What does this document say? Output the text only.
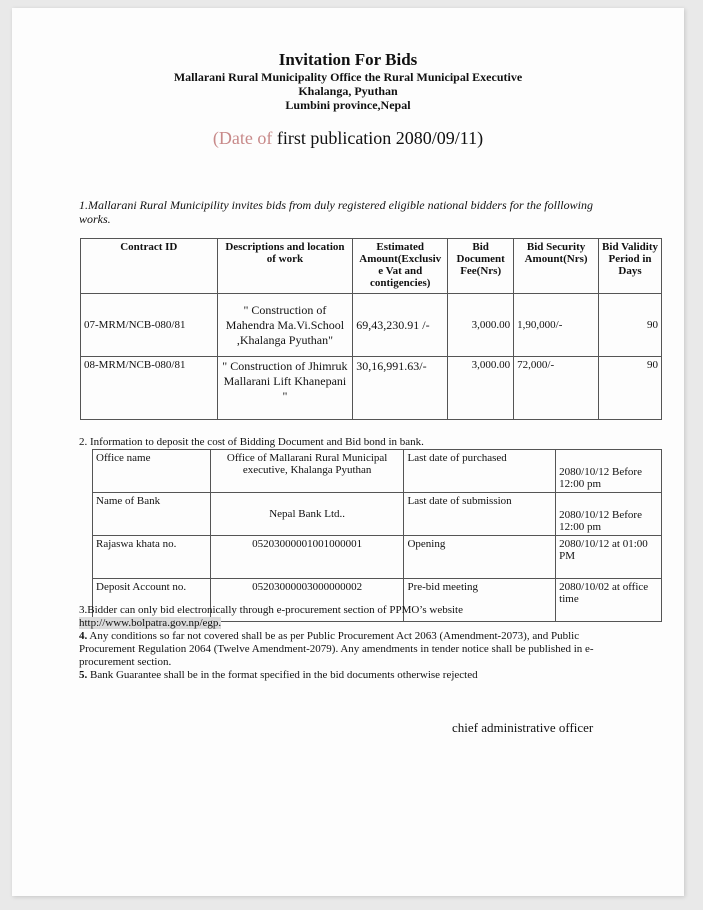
Invitation For Bids
Mallarani Rural Municipality Office the Rural Municipal Executive
Khalanga, Pyuthan
Lumbini province,Nepal
(Date of first publication 2080/09/11)
1.Mallarani Rural Municipility invites bids from duly registered eligible national bidders for the folllowing works.
Contract ID	Descriptions and location of work	Estimated Amount(Exclusiv e Vat and contigencies)	Bid Document Fee(Nrs)	Bid Security Amount(Nrs)	Bid Validity Period in Days
07-MRM/NCB-080/81	" Construction of Mahendra Ma.Vi.School ,Khalanga Pyuthan"	69,43,230.91 /-	3,000.00	1,90,000/-	90
08-MRM/NCB-080/81	" Construction of Jhimruk Mallarani Lift Khanepani "	30,16,991.63/-	3,000.00	72,000/-	90
2. Information to deposit the cost of Bidding Document and Bid bond in bank.
Office name	Office of Mallarani Rural Municipal executive, Khalanga Pyuthan	Last date of purchased	2080/10/12 Before 12:00 pm
Name of Bank	Nepal Bank Ltd..	Last date of submission	2080/10/12 Before 12:00 pm
Rajaswa khata no.	05203000001001000001	Opening	2080/10/12 at 01:00 PM
Deposit Account no.	05203000003000000002	Pre-bid meeting	2080/10/02 at office time

3.Bidder can only bid electronically through e-procurement section of PPMO’s website

http://www.bolpatra.gov.np/egp.

4. Any conditions so far not covered shall be as per Public Procurement Act 2063 (Amendment-2073), and Public Procurement Regulation 2064 (Twelve Amendment-2079). Any amendments in tender notice shall be published in e-procurement section.

5. Bank Guarantee shall be in the format specified in the bid documents otherwise rejected

chief administrative officer
